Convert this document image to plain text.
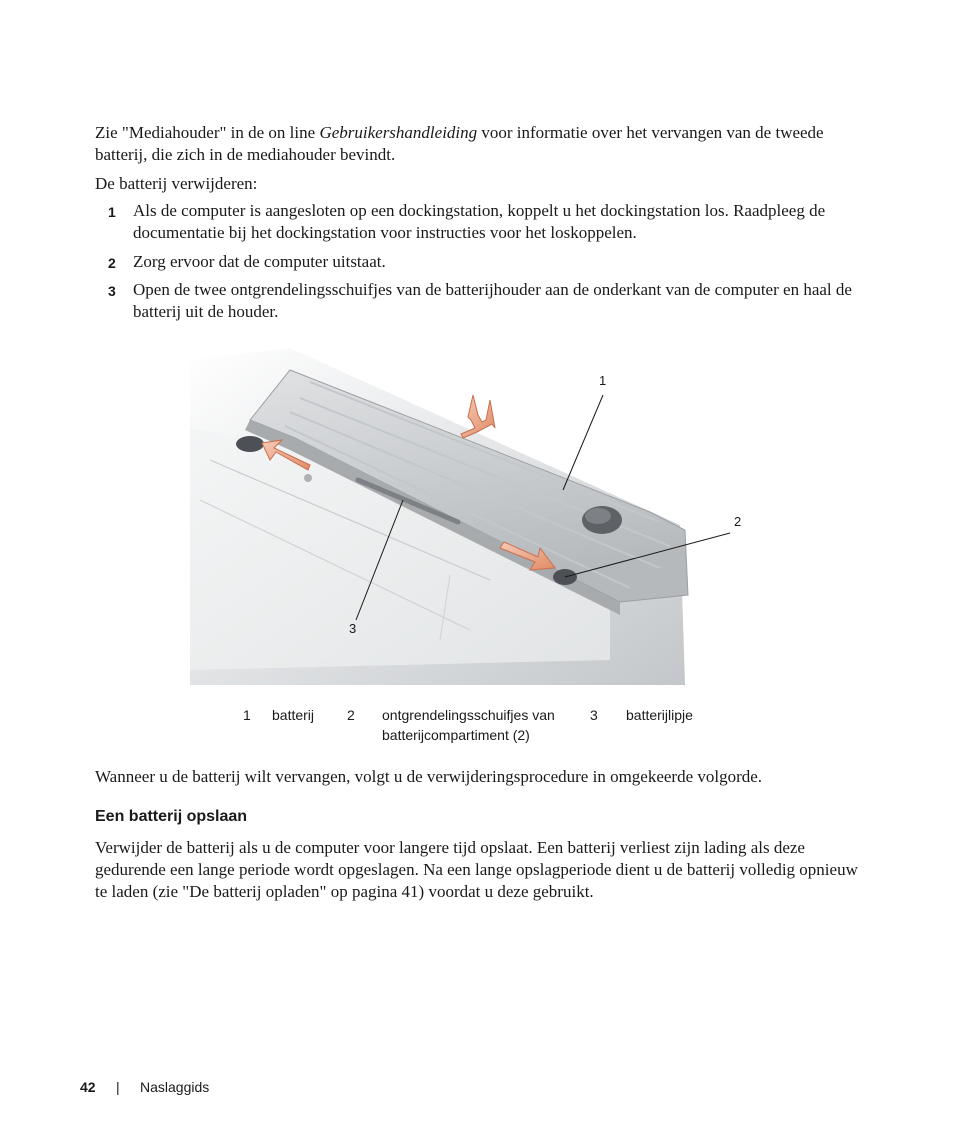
Zie "Mediahouder" in de on line Gebruikershandleiding voor informatie over het vervangen van de tweede batterij, die zich in de mediahouder bevindt.

De batterij verwijderen:

1 Als de computer is aangesloten op een dockingstation, koppelt u het dockingstation los. Raadpleeg de documentatie bij het dockingstation voor instructies voor het loskoppelen.
2 Zorg ervoor dat de computer uitstaat.
3 Open de twee ontgrendelingsschuifjes van de batterijhouder aan de onderkant van de computer en haal de batterij uit de houder.
1
2
3
1 batterij 2 ontgrendelingsschuifjes van batterijcompartiment (2)
3 batterijlipje

Wanneer u de batterij wilt vervangen, volgt u de verwijderingsprocedure in omgekeerde volgorde.

Een batterij opslaan

Verwijder de batterij als u de computer voor langere tijd opslaat. Een batterij verliest zijn lading als deze gedurende een lange periode wordt opgeslagen. Na een lange opslagperiode dient u de batterij volledig opnieuw te laden (zie "De batterij opladen" op pagina 41) voordat u deze gebruikt.

42 | Naslaggids
